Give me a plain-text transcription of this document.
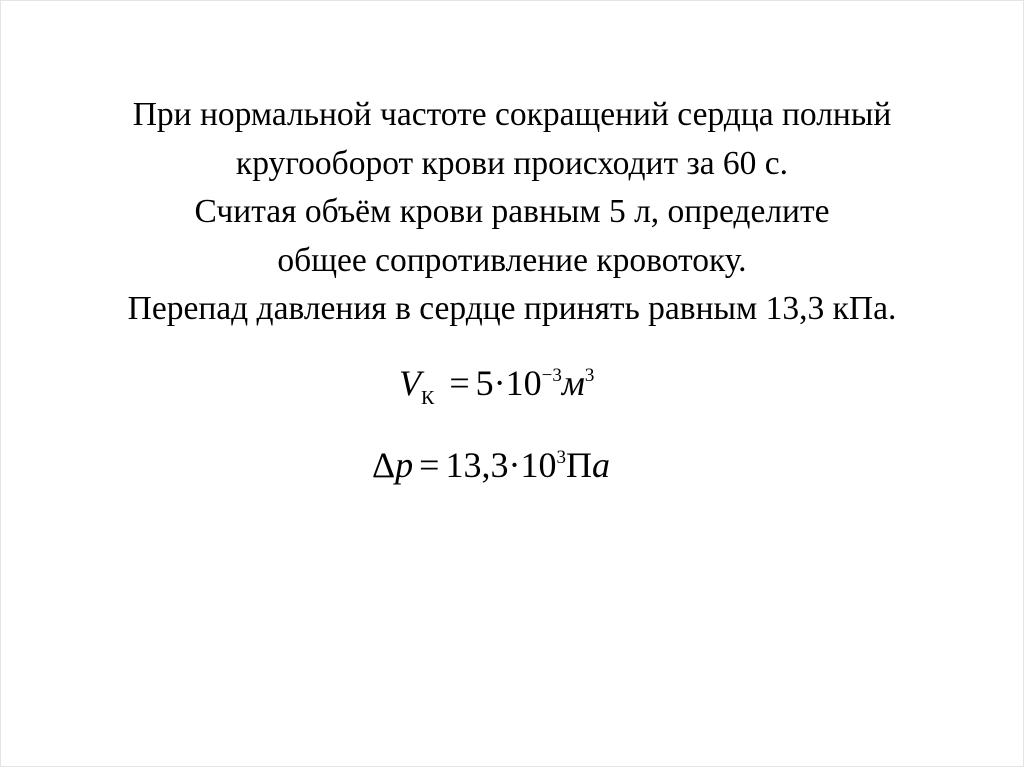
При нормальной частоте сокращений сердца полный
кругооборот крови происходит за 60 с.
Считая объём крови равным 5 л, определите
общее сопротивление кровотоку.
Перепад давления в сердце принять равным 13,3 кПа.
$V_К = 5\cdot 10^{-3}м^3$
$\Delta p = 13,3\cdot 10^3Па$
